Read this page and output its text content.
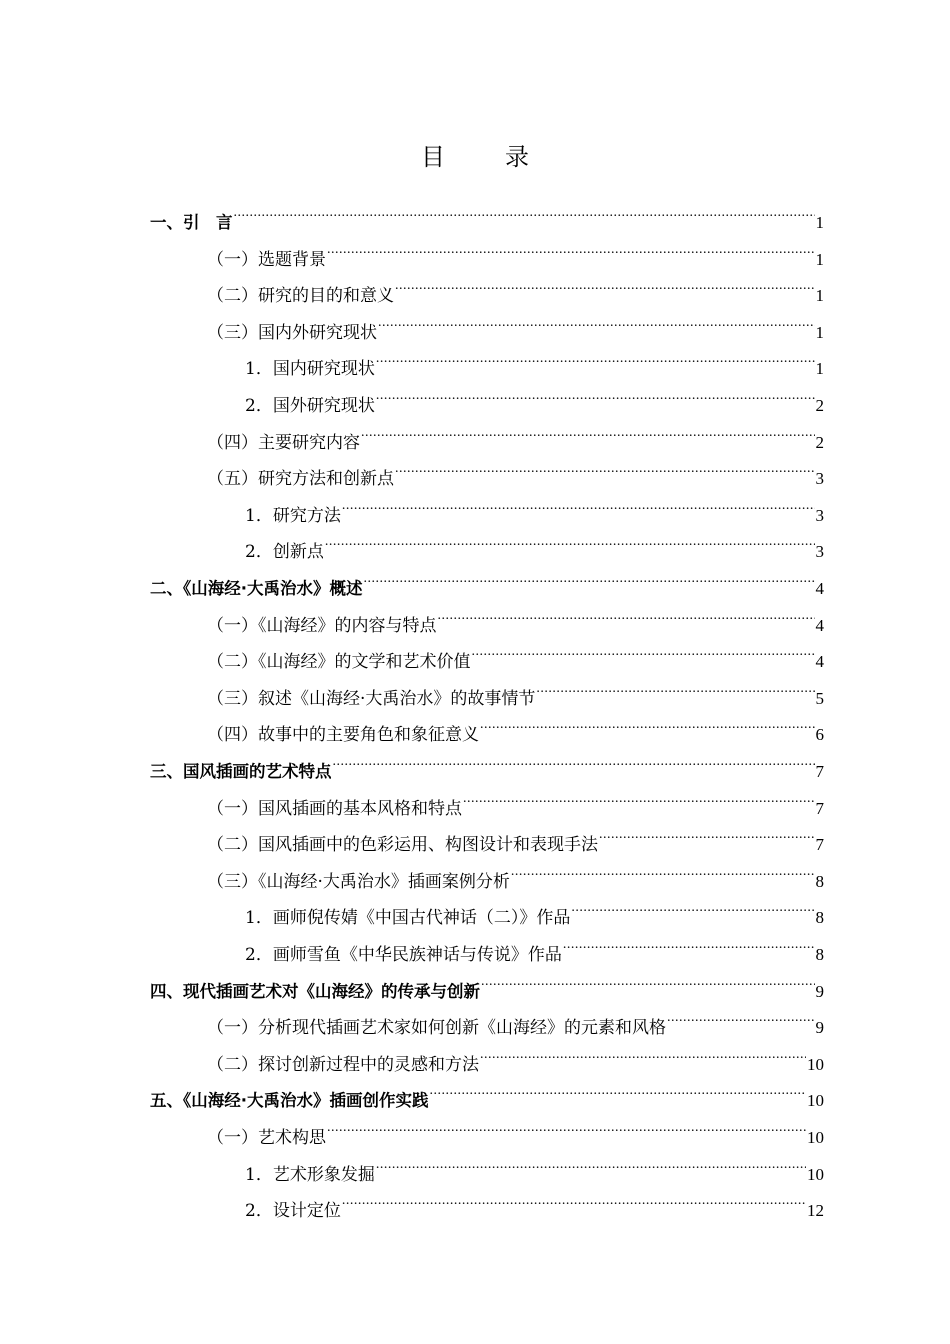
目　录
一、引　言 .....	1
（一）选题背景 .....	1
（二）研究的目的和意义 .....	1
（三）国内外研究现状 .....	1
1．国内研究现状 .....	1
2．国外研究现状 .....	2
（四）主要研究内容 .....	2
（五）研究方法和创新点 .....	3
1．研究方法 .....	3
2．创新点 .....	3
二、《山海经·大禹治水》概述 .....	4
（一）《山海经》的内容与特点 .....	4
（二）《山海经》的文学和艺术价值 .....	4
（三）叙述《山海经·大禹治水》的故事情节 .....	5
（四）故事中的主要角色和象征意义 .....	6
三、国风插画的艺术特点 .....	7
（一）国风插画的基本风格和特点 .....	7
（二）国风插画中的色彩运用、构图设计和表现手法 .....	7
（三）《山海经·大禹治水》插画案例分析 .....	8
1．画师倪传婧《中国古代神话（二）》作品 .....	8
2．画师雪鱼《中华民族神话与传说》作品 .....	8
四、现代插画艺术对《山海经》的传承与创新 .....	9
（一）分析现代插画艺术家如何创新《山海经》的元素和风格 .....	9
（二）探讨创新过程中的灵感和方法 .....	10
五、《山海经·大禹治水》插画创作实践 .....	10
（一）艺术构思 .....	10
1．艺术形象发掘 .....	10
2．设计定位 .....	12
